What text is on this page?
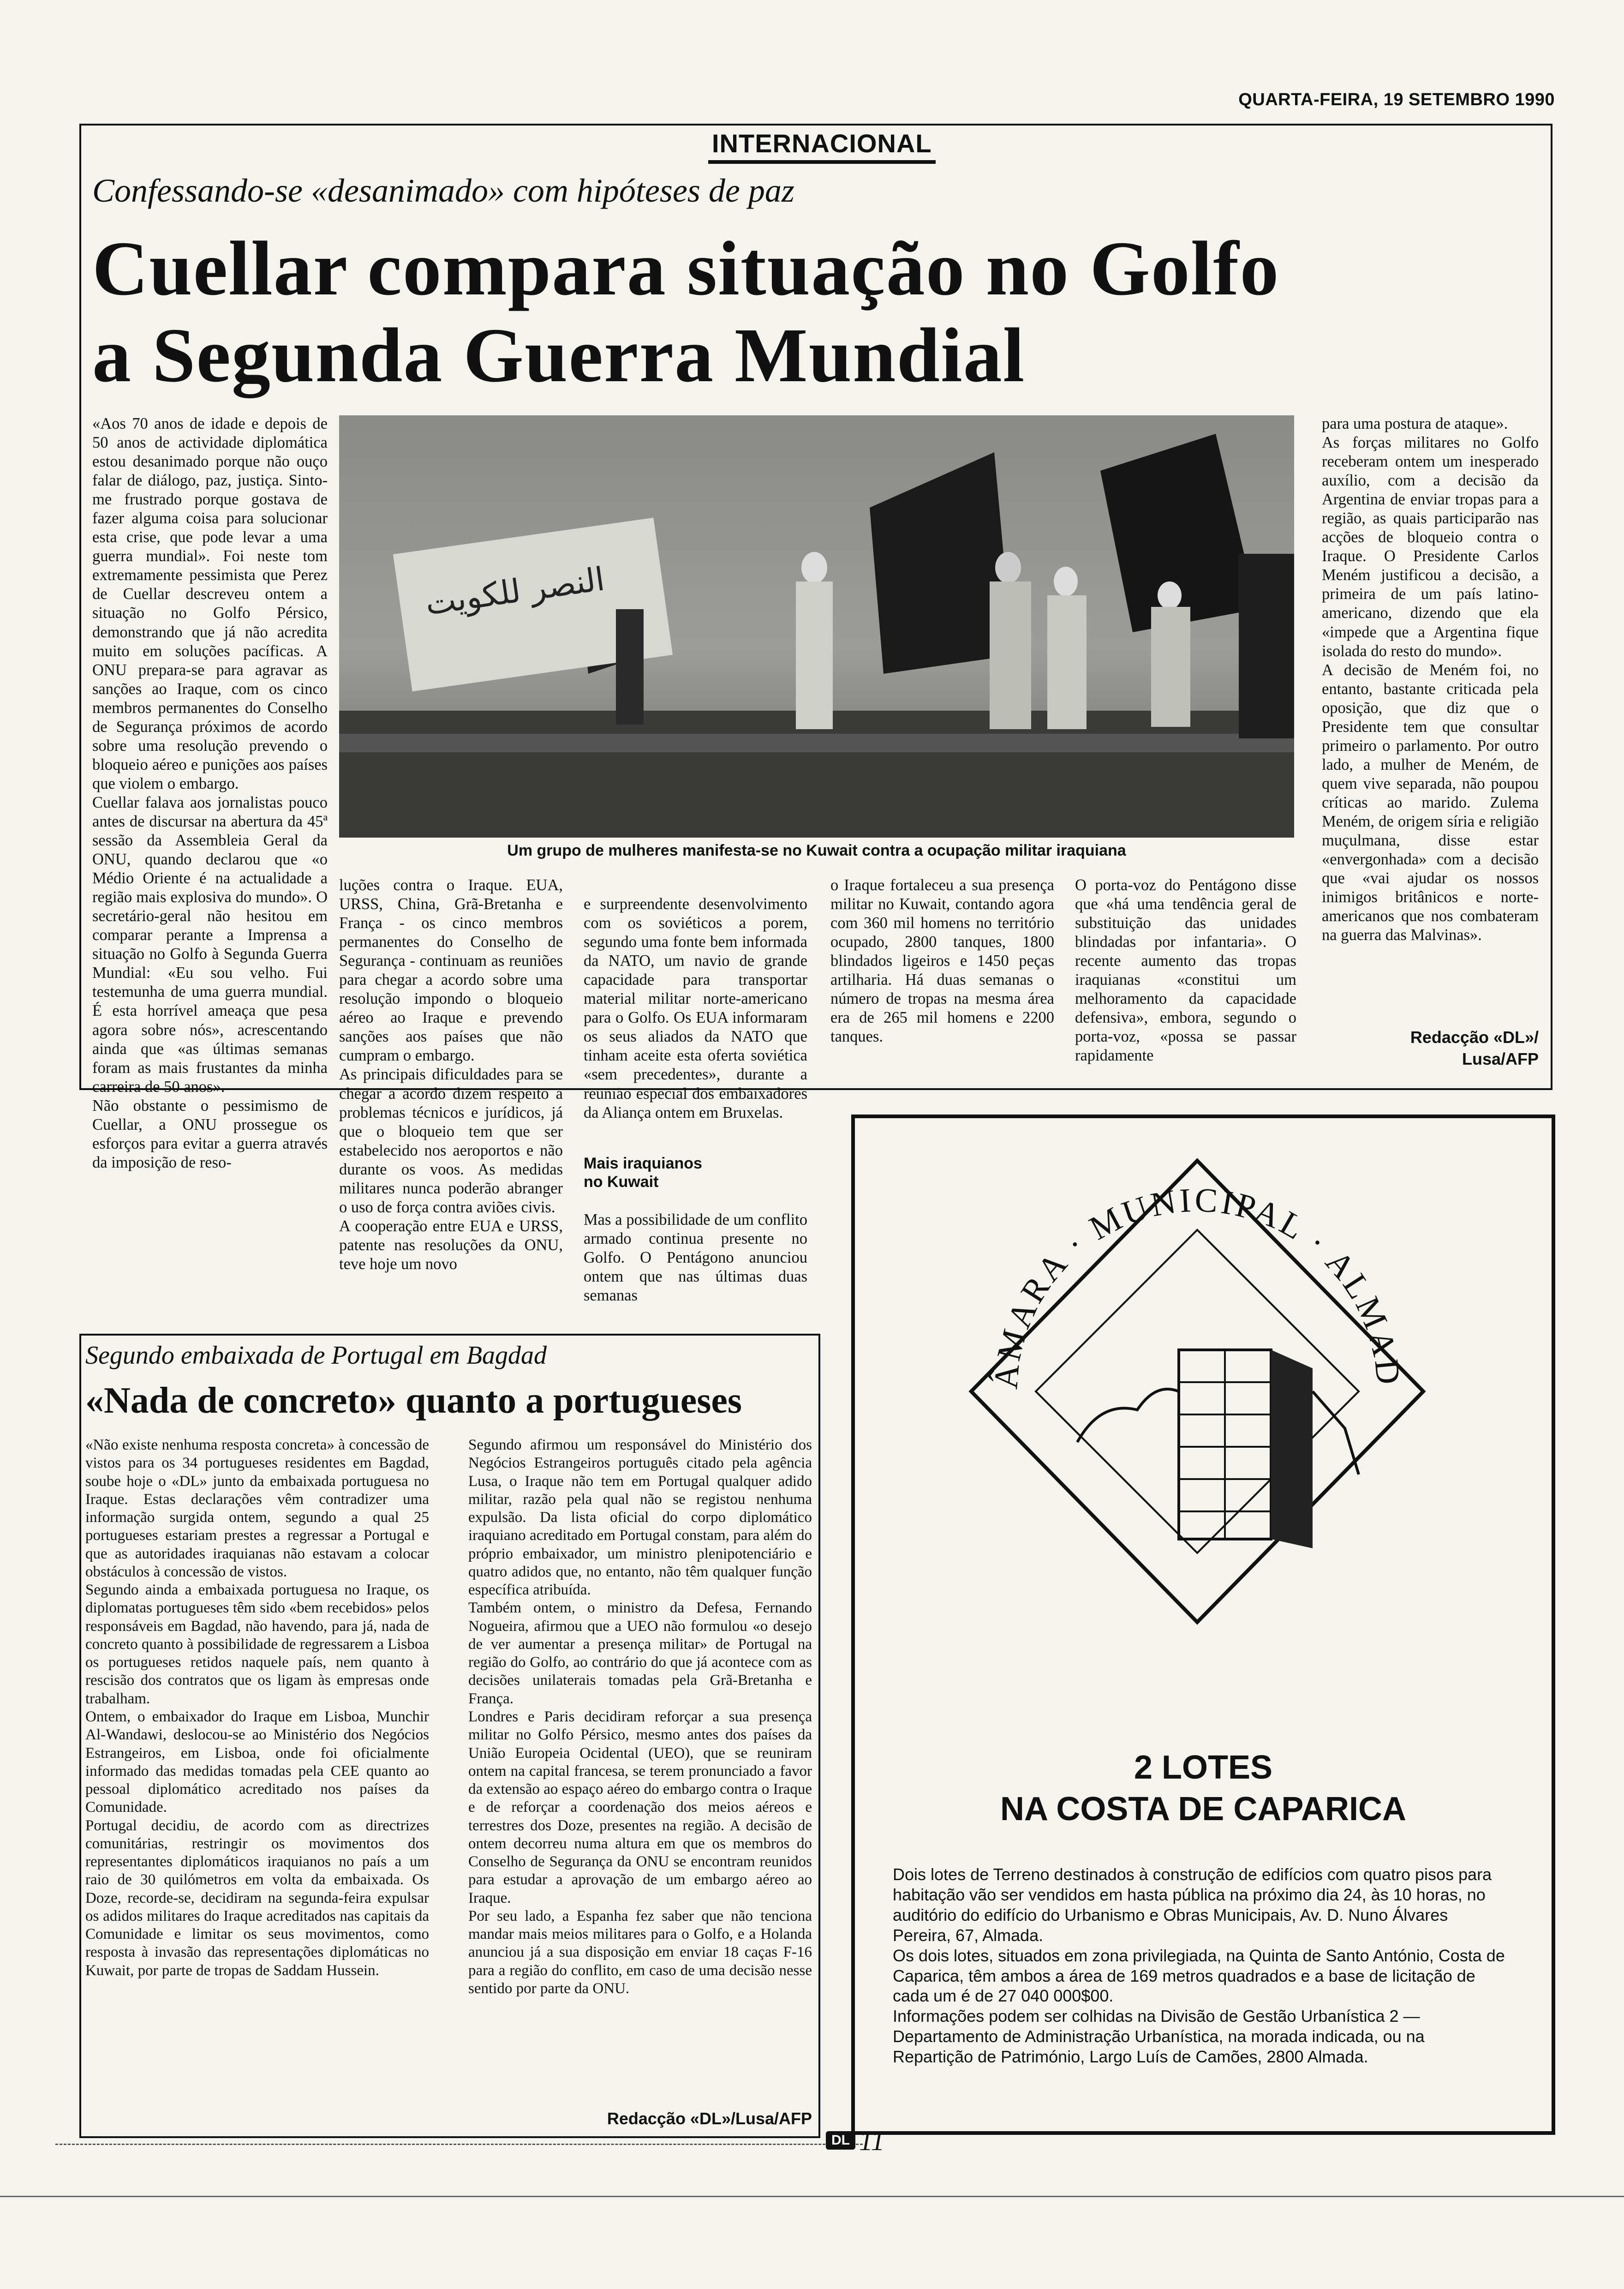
QUARTA-FEIRA, 19 SETEMBRO 1990
INTERNACIONAL
Confessando-se «desanimado» com hipóteses de paz
Cuellar compara situação no Golfo
a Segunda Guerra Mundial
«Aos 70 anos de idade e depois de 50 anos de actividade diplomática estou desanimado porque não ouço falar de diálogo, paz, justiça. Sinto-me frustrado porque gostava de fazer alguma coisa para solucionar esta crise, que pode levar a uma guerra mundial». Foi neste tom extremamente pessimista que Perez de Cuellar descreveu ontem a situação no Golfo Pérsico, demonstrando que já não acredita muito em soluções pacíficas. A ONU prepara-se para agravar as sanções ao Iraque, com os cinco membros permanentes do Conselho de Segurança próximos de acordo sobre uma resolução prevendo o bloqueio aéreo e punições aos países que violem o embargo.
Cuellar falava aos jornalistas pouco antes de discursar na abertura da 45ª sessão da Assembleia Geral da ONU, quando declarou que «o Médio Oriente é na actualidade a região mais explosiva do mundo». O secretário-geral não hesitou em comparar perante a Imprensa a situação no Golfo à Segunda Guerra Mundial: «Eu sou velho. Fui testemunha de uma guerra mundial. É esta horrível ameaça que pesa agora sobre nós», acrescentando ainda que «as últimas semanas foram as mais frustantes da minha carreira de 50 anos».
Não obstante o pessimismo de Cuellar, a ONU prossegue os esforços para evitar a guerra através da imposição de reso-
النصر للكويت
Um grupo de mulheres manifesta-se no Kuwait contra a ocupação militar iraquiana
luções contra o Iraque. EUA, URSS, China, Grã-Bretanha e França - os cinco membros permanentes do Conselho de Segurança - continuam as reuniões para chegar a acordo sobre uma resolução impondo o bloqueio aéreo ao Iraque e prevendo sanções aos países que não cumpram o embargo.
As principais dificuldades para se chegar a acordo dizem respeito a problemas técnicos e jurídicos, já que o bloqueio tem que ser estabelecido nos aeroportos e não durante os voos. As medidas militares nunca poderão abranger o uso de força contra aviões civis.
A cooperação entre EUA e URSS, patente nas resoluções da ONU, teve hoje um novo

e surpreendente desenvolvimento com os soviéticos a porem, segundo uma fonte bem informada da NATO, um navio de grande capacidade para transportar material militar norte-americano para o Golfo. Os EUA informaram os seus aliados da NATO que tinham aceite esta oferta soviética «sem precedentes», durante a reunião especial dos embaixadores da Aliança ontem em Bruxelas.

Mais iraquianos
no Kuwait

Mas a possibilidade de um conflito armado continua presente no Golfo. O Pentágono anunciou ontem que nas últimas duas semanas

o Iraque fortaleceu a sua presença militar no Kuwait, contando agora com 360 mil homens no território ocupado, 2800 tanques, 1800 blindados ligeiros e 1450 peças artilharia. Há duas semanas o número de tropas na mesma área era de 265 mil homens e 2200 tanques.
O porta-voz do Pentágono disse que «há uma tendência geral de substituição das unidades blindadas por infantaria». O recente aumento das tropas iraquianas «constitui um melhoramento da capacidade defensiva», embora, segundo o porta-voz, «possa se passar rapidamente
para uma postura de ataque».
As forças militares no Golfo receberam ontem um inesperado auxílio, com a decisão da Argentina de enviar tropas para a região, as quais participarão nas acções de bloqueio contra o Iraque. O Presidente Carlos Meném justificou a decisão, a primeira de um país latino-americano, dizendo que ela «impede que a Argentina fique isolada do resto do mundo».
A decisão de Meném foi, no entanto, bastante criticada pela oposição, que diz que o Presidente tem que consultar primeiro o parlamento. Por outro lado, a mulher de Meném, de quem vive separada, não poupou críticas ao marido. Zulema Meném, de origem síria e religião muçulmana, disse estar «envergonhada» com a decisão que «vai ajudar os nossos inimigos britânicos e norte-americanos que nos combateram na guerra das Malvinas».
Redacção «DL»/
Lusa/AFP
Segundo embaixada de Portugal em Bagdad
«Nada de concreto» quanto a portugueses
«Não existe nenhuma resposta concreta» à concessão de vistos para os 34 portugueses residentes em Bagdad, soube hoje o «DL» junto da embaixada portuguesa no Iraque. Estas declarações vêm contradizer uma informação surgida ontem, segundo a qual 25 portugueses estariam prestes a regressar a Portugal e que as autoridades iraquianas não estavam a colocar obstáculos à concessão de vistos.
Segundo ainda a embaixada portuguesa no Iraque, os diplomatas portugueses têm sido «bem recebidos» pelos responsáveis em Bagdad, não havendo, para já, nada de concreto quanto à possibilidade de regressarem a Lisboa os portugueses retidos naquele país, nem quanto à rescisão dos contratos que os ligam às empresas onde trabalham.
Ontem, o embaixador do Iraque em Lisboa, Munchir Al-Wandawi, deslocou-se ao Ministério dos Negócios Estrangeiros, em Lisboa, onde foi oficialmente informado das medidas tomadas pela CEE quanto ao pessoal diplomático acreditado nos países da Comunidade.
Portugal decidiu, de acordo com as directrizes comunitárias, restringir os movimentos dos representantes diplomáticos iraquianos no país a um raio de 30 quilómetros em volta da embaixada. Os Doze, recorde-se, decidiram na segunda-feira expulsar os adidos militares do Iraque acreditados nas capitais da Comunidade e limitar os seus movimentos, como resposta à invasão das representações diplomáticas no Kuwait, por parte de tropas de Saddam Hussein.
Segundo afirmou um responsável do Ministério dos Negócios Estrangeiros português citado pela agência Lusa, o Iraque não tem em Portugal qualquer adido militar, razão pela qual não se registou nenhuma expulsão. Da lista oficial do corpo diplomático iraquiano acreditado em Portugal constam, para além do próprio embaixador, um ministro plenipotenciário e quatro adidos que, no entanto, não têm qualquer função específica atribuída.
Também ontem, o ministro da Defesa, Fernando Nogueira, afirmou que a UEO não formulou «o desejo de ver aumentar a presença militar» de Portugal na região do Golfo, ao contrário do que já acontece com as decisões unilaterais tomadas pela Grã-Bretanha e França.
Londres e Paris decidiram reforçar a sua presença militar no Golfo Pérsico, mesmo antes dos países da União Europeia Ocidental (UEO), que se reuniram ontem na capital francesa, se terem pronunciado a favor da extensão ao espaço aéreo do embargo contra o Iraque e de reforçar a coordenação dos meios aéreos e terrestres dos Doze, presentes na região. A decisão de ontem decorreu numa altura em que os membros do Conselho de Segurança da ONU se encontram reunidos para estudar a aprovação de um embargo aéreo ao Iraque.
Por seu lado, a Espanha fez saber que não tenciona mandar mais meios militares para o Golfo, e a Holanda anunciou já a sua disposição em enviar 18 caças F-16 para a região do conflito, em caso de uma decisão nesse sentido por parte da ONU.
Redacção «DL»/Lusa/AFP
ÂMARA · MUNICIPAL · ALMAD
2 LOTES
NA COSTA DE CAPARICA
Dois lotes de Terreno destinados à construção de edifícios com quatro pisos para habitação vão ser vendidos em hasta pública na próximo dia 24, às 10 horas, no auditório do edifício do Urbanismo e Obras Municipais, Av. D. Nuno Álvares Pereira, 67, Almada.
Os dois lotes, situados em zona privilegiada, na Quinta de Santo António, Costa de Caparica, têm ambos a área de 169 metros quadrados e a base de licitação de cada um é de 27 040 000$00.
Informações podem ser colhidas na Divisão de Gestão Urbanística 2 — Departamento de Administração Urbanística, na morada indicada, ou na Repartição de Património, Largo Luís de Camões, 2800 Almada.
DL 11
